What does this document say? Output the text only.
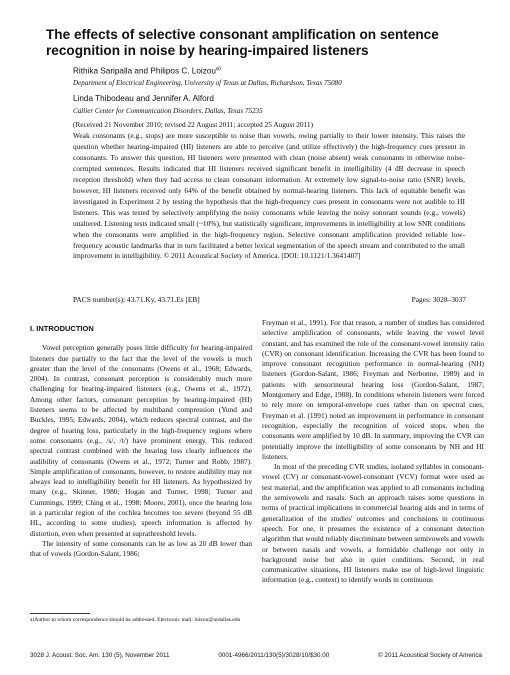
The effects of selective consonant amplification on sentence recognition in noise by hearing-impaired listeners
Rithika Saripalla and Philipos C. Loizou$^{a)}$
Department of Electrical Engineering, University of Texas at Dallas, Richardson, Texas 75080
Linda Thibodeau and Jennifer A. Alford
Callier Center for Communication Disorders, Dallas, Texas 75235
(Received 21 November 2010; revised 22 August 2011; accepted 25 August 2011)

Weak consonants (e.g., stops) are more susceptible to noise than vowels, owing partially to their lower intensity. This raises the question whether hearing-impaired (HI) listeners are able to perceive (and utilize effectively) the high-frequency cues present in consonants. To answer this question, HI listeners were presented with clean (noise absent) weak consonants in otherwise noise-corrupted sentences. Results indicated that HI listeners received significant benefit in intelligibility (4 dB decrease in speech reception threshold) when they had access to clean consonant information. At extremely low signal-to-noise ratio (SNR) levels, however, HI listeners received only 64% of the benefit obtained by normal-hearing listeners. This lack of equitable benefit was investigated in Experiment 2 by testing the hypothesis that the high-frequency cues present in consonants were not audible to HI listeners. This was tested by selectively amplifying the noisy consonants while leaving the noisy sonorant sounds (e.g., vowels) unaltered. Listening tests indicated small (~10%), but statistically significant, improvements in intelligibility at low SNR conditions when the consonants were amplified in the high-frequency region. Selective consonant amplification provided reliable low-frequency acoustic landmarks that in turn facilitated a better lexical segmentation of the speech stream and contributed to the small improvement in intelligibility. © 2011 Acoustical Society of America. [DOI: 10.1121/1.3641407]

PACS number(s): 43.71.Ky, 43.71.Es [EB]	Pages: 3028–3037
I. INTRODUCTION

Vowel perception generally poses little difficulty for hearing-impaired listeners due partially to the fact that the level of the vowels is much greater than the level of the consonants (Owens et al., 1968; Edwards, 2004). In contrast, consonant perception is considerably much more challenging for hearing-impaired listeners (e.g., Owens et al., 1972). Among other factors, consonant perception by hearing-impaired (HI) listeners seems to be affected by multiband compression (Yund and Buckles, 1995; Edwards, 2004), which reduces spectral contrast, and the degree of hearing loss, particularly in the high-frequency regions where some consonants (e.g., /s/, /t/) have prominent energy. This reduced spectral contrast combined with the hearing loss clearly influences the audibility of consonants (Owens et al., 1972; Turner and Robb, 1987). Simple amplification of consonants, however, to restore audibility may not always lead to intelligibility benefit for HI listeners. As hypothesized by many (e.g., Skinner, 1980; Hogan and Turner, 1998; Turner and Cummings, 1999; Ching et al., 1998; Moore, 2001), once the hearing loss in a particular region of the cochlea becomes too severe (beyond 55 dB HL, according to some studies), speech information is affected by distortion, even when presented at suprathreshold levels.

The intensity of some consonants can be as low as 20 dB lower than that of vowels (Gordon-Salant, 1986;

Freyman et al., 1991). For that reason, a number of studies has considered selective amplification of consonants, while leaving the vowel level constant, and has examined the role of the consonant-vowel intensity ratio (CVR) on consonant identification. Increasing the CVR has been found to improve consonant recognition performance in normal-hearing (NH) listeners (Gordon-Salant, 1986; Freyman and Nerbonne, 1989) and in patients with sensorineural hearing loss (Gordon-Salant, 1987; Montgomery and Edge, 1988). In conditions wherein listeners were forced to rely more on temporal-envelope cues rather than on spectral cues, Freyman et al. (1991) noted an improvement in performance in consonant recognition, especially the recognition of voiced stops, when the consonants were amplified by 10 dB. In summary, improving the CVR can potentially improve the intelligibility of some consonants by NH and HI listeners.

In most of the preceding CVR studies, isolated syllables in consonant-vowel (CV) or consonant-vowel-consonant (VCV) format were used as test material, and the amplification was applied to all consonants including the semivowels and nasals. Such an approach raises some questions in terms of practical implications in commercial hearing aids and in terms of generalization of the studies' outcomes and conclusions in continuous speech. For one, it presumes the existence of a consonant detection algorithm that would reliably discriminate between semivowels and vowels or between nasals and vowels, a formidable challenge not only in background noise but also in quiet conditions. Second, in real communicative situations, HI listeners make use of high-level linguistic information (e.g., context) to identify words in continuous

a)Author to whom correspondence should be addressed. Electronic mail: loizou@utdallas.edu
3028 J. Acoust. Soc. Am. 130 (5), November 2011	0001-4966/2011/130(5)/3028/10/$30.00	© 2011 Acoustical Society of America
